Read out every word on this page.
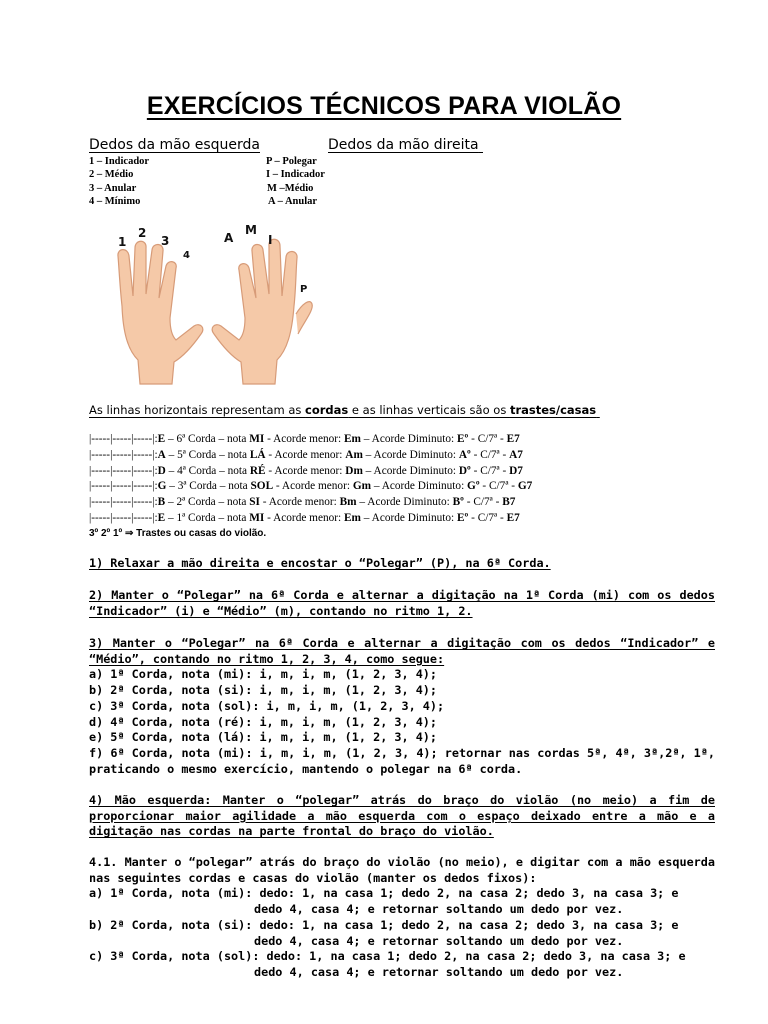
EXERCÍCIOS TÉCNICOS PARA VIOLÃO
Dedos da mão esquerda	Dedos da mão direita
1 – Indicador
2 – Médio
3 – Anular
4 – Mínimo
P – Polegar
I – Indicador
M –Médio
A – Anular
1
2
3
4
A
M
I
P
As linhas horizontais representam as cordas e as linhas verticais são os trastes/casas
|-----|-----|-----|:E – 6ª Corda – nota MI - Acorde menor: Em – Acorde Diminuto: Eº - C/7ª - E7
|-----|-----|-----|:A – 5ª Corda – nota LÁ - Acorde menor: Am – Acorde Diminuto: Aº - C/7ª - A7
|-----|-----|-----|:D – 4ª Corda – nota RÉ - Acorde menor: Dm – Acorde Diminuto: Dº - C/7ª - D7
|-----|-----|-----|:G – 3ª Corda – nota SOL - Acorde menor: Gm – Acorde Diminuto: Gº - C/7ª - G7
|-----|-----|-----|:B – 2ª Corda – nota SI - Acorde menor: Bm – Acorde Diminuto: Bº - C/7ª - B7
|-----|-----|-----|:E – 1ª Corda – nota MI - Acorde menor: Em – Acorde Diminuto: Eº - C/7ª - E7
3º 2º 1º ⇒ Trastes ou casas do violão.
1) Relaxar a mão direita e encostar o “Polegar” (P), na 6ª Corda.
2) Manter o “Polegar” na 6ª Corda e alternar a digitação na 1ª Corda (mi) com os dedos “Indicador” (i) e “Médio” (m), contando no ritmo 1, 2.
3) Manter o “Polegar” na 6ª Corda e alternar a digitação com os dedos “Indicador” e “Médio”, contando no ritmo 1, 2, 3, 4, como segue:
a) 1ª Corda, nota (mi): i, m, i, m, (1, 2, 3, 4);
b) 2ª Corda, nota (si): i, m, i, m, (1, 2, 3, 4);
c) 3ª Corda, nota (sol): i, m, i, m, (1, 2, 3, 4);
d) 4ª Corda, nota (ré): i, m, i, m, (1, 2, 3, 4);
e) 5ª Corda, nota (lá): i, m, i, m, (1, 2, 3, 4);
f) 6ª Corda, nota (mi): i, m, i, m, (1, 2, 3, 4); retornar nas cordas 5ª, 4ª, 3ª,2ª, 1ª, praticando o mesmo exercício, mantendo o polegar na 6ª corda.
4) Mão esquerda: Manter o “polegar” atrás do braço do violão (no meio) a fim de proporcionar maior agilidade a mão esquerda com o espaço deixado entre a mão e a digitação nas cordas na parte frontal do braço do violão.
4.1. Manter o “polegar” atrás do braço do violão (no meio), e digitar com a mão esquerda nas seguintes cordas e casas do violão (manter os dedos fixos):
a) 1ª Corda, nota (mi): dedo: 1, na casa 1; dedo 2, na casa 2; dedo 3, na casa 3; e
dedo 4, casa 4; e retornar soltando um dedo por vez.
b) 2ª Corda, nota (si): dedo: 1, na casa 1; dedo 2, na casa 2; dedo 3, na casa 3; e
dedo 4, casa 4; e retornar soltando um dedo por vez.
c) 3ª Corda, nota (sol): dedo: 1, na casa 1; dedo 2, na casa 2; dedo 3, na casa 3; e
dedo 4, casa 4; e retornar soltando um dedo por vez.
